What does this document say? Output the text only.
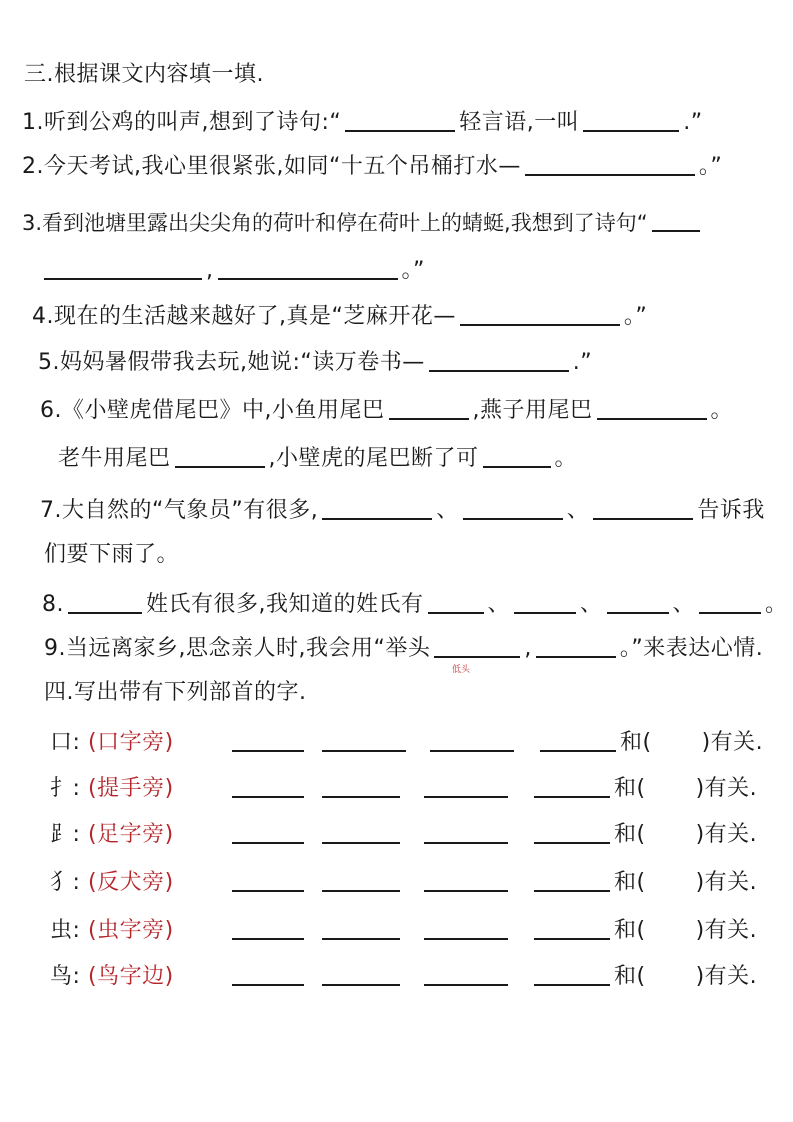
三.根据课文内容填一填.
1.听到公鸡的叫声,想到了诗句:“	轻言语,一叫	.”
2.今天考试,我心里很紧张,如同“十五个吊桶打水—	。”
3.看到池塘里露出尖尖角的荷叶和停在荷叶上的蜻蜓,我想到了诗句“
,	。”
4.现在的生活越来越好了,真是“芝麻开花—	。”
5.妈妈暑假带我去玩,她说:“读万卷书—	.”
6.《小壁虎借尾巴》中,小鱼用尾巴	,燕子用尾巴	。
老牛用尾巴	,小壁虎的尾巴断了可	。
7.大自然的“气象员”有很多,	、	、	告诉我
们要下雨了。
8.	姓氏有很多,我知道的姓氏有	、	、	、	。
9.当远离家乡,思念亲人时,我会用“举头	,	。”来表达心情.
低头
四.写出带有下列部首的字.
口: (口字旁)	和( )有关.
扌: (提手旁)	和( )有关.
⻊: (足字旁)	和( )有关.
犭: (反犬旁)	和( )有关.
虫: (虫字旁)	和( )有关.
鸟: (鸟字边)	和( )有关.
